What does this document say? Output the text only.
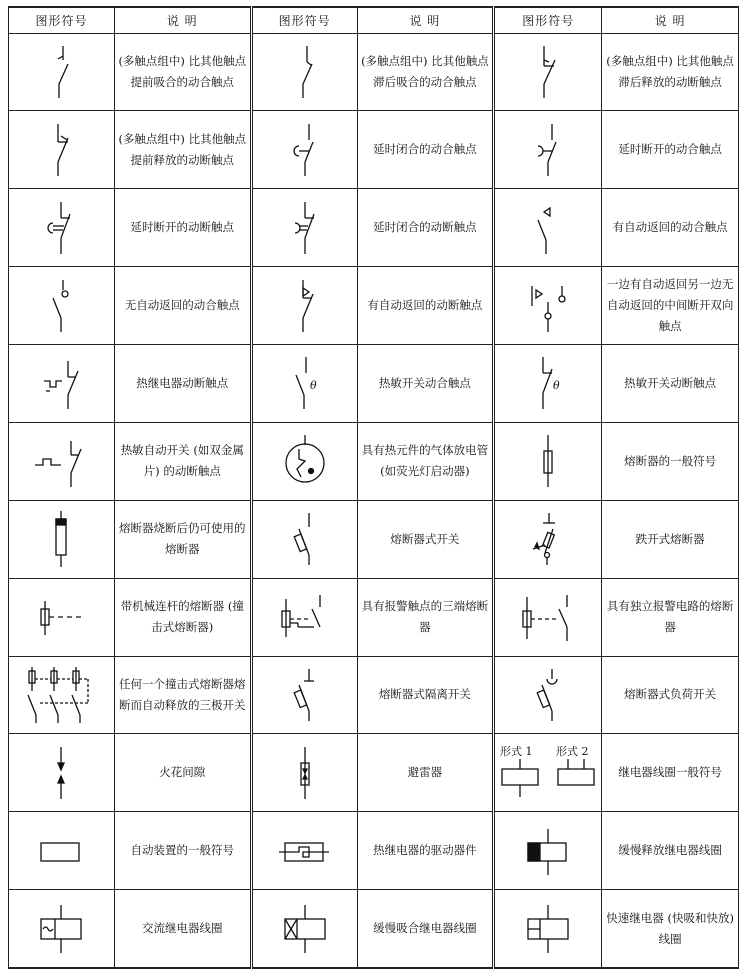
图形符号	说 明	图形符号	说 明	图形符号	说 明

	(多触点组中) 比其他触点提前吸合的动合触点		(多触点组中) 比其他触点滞后吸合的动合触点		(多触点组中) 比其他触点滞后释放的动断触点

	(多触点组中) 比其他触点提前释放的动断触点		延时闭合的动合触点		延时断开的动合触点

	延时断开的动断触点		延时闭合的动断触点		有自动返回的动合触点

	无自动返回的动合触点		有自动返回的动断触点		一边有自动返回另一边无自动返回的中间断开双向触点

	热继电器动断触点	θ	热敏开关动合触点	θ	热敏开关动断触点

	热敏自动开关 (如双金属片) 的动断触点		具有热元件的气体放电管 (如荧光灯启动器)		熔断器的一般符号

	熔断器烧断后仍可使用的熔断器		熔断器式开关		跌开式熔断器

	带机械连杆的熔断器 (撞击式熔断器)		具有报警触点的三端熔断器		具有独立报警电路的熔断器

	任何一个撞击式熔断器熔断而自动释放的三极开关		熔断器式隔离开关		熔断器式负荷开关

	火花间隙		避雷器	形式 1 形式 2	继电器线圈一般符号

	自动装置的一般符号		热继电器的驱动器件		缓慢释放继电器线圈

	交流继电器线圈		缓慢吸合继电器线圈		快速继电器 (快吸和快放) 线圈
